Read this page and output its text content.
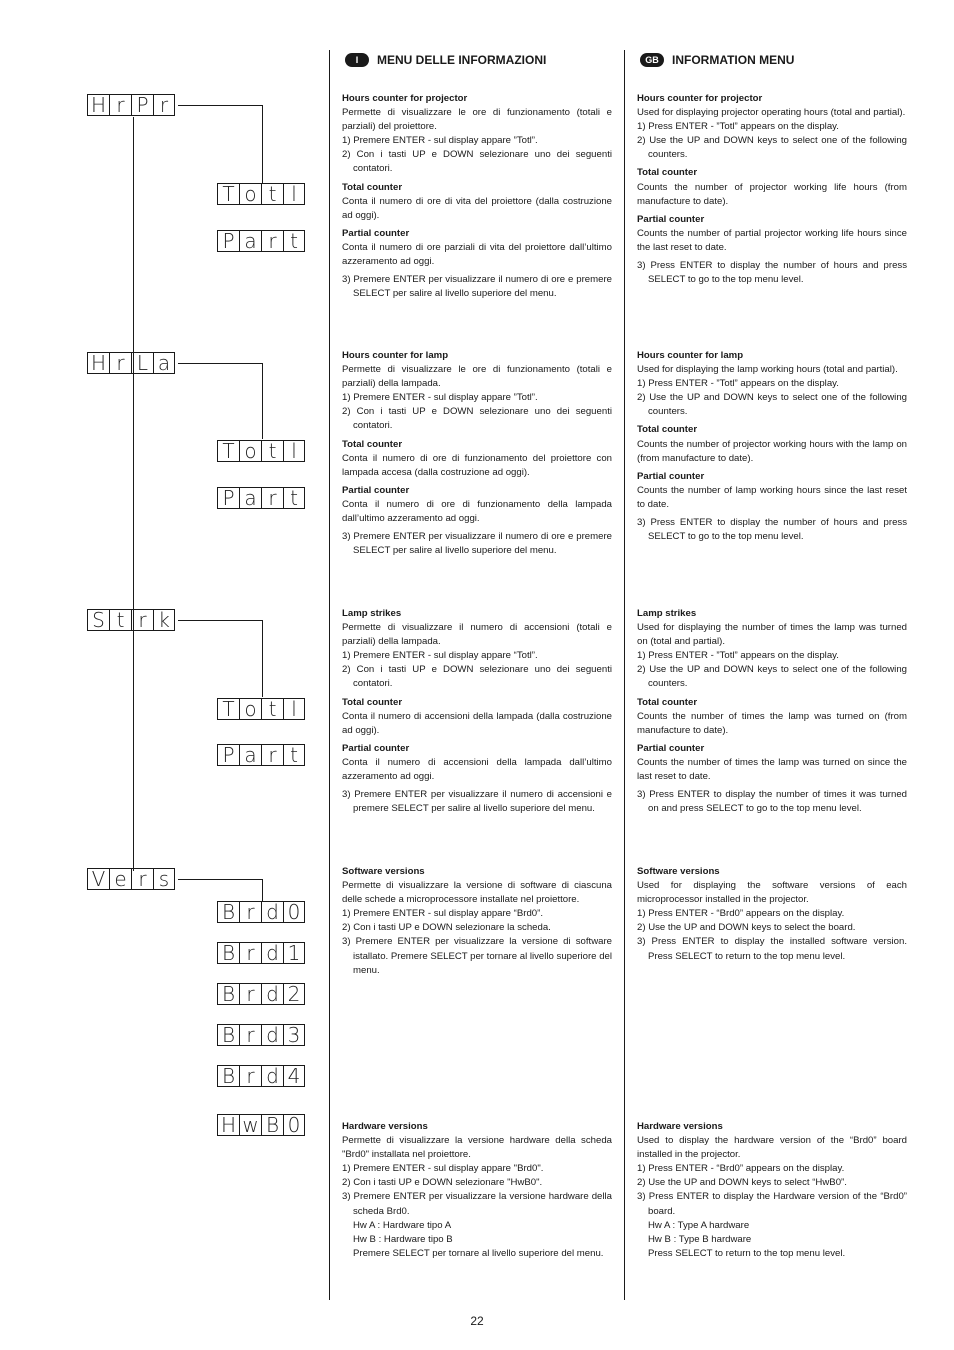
H r P r
T o t l
P a r t
H r L a
T o t l
P a r t
S t r k
T o t l
P a r t
V e r s
B r d 0
B r d 1
B r d 2
B r d 3
B r d 4
H w B 0
I	MENU DELLE INFORMAZIONI
Hours counter for projector

Permette di visualizzare le ore di funzionamento (totali e parziali) del proiettore.

1) Premere ENTER - sul display appare ”Totl”.

2) Con i tasti UP e DOWN selezionare uno dei seguenti contatori.

Total counter

Conta il numero di ore di vita del proiettore (dalla costruzione ad oggi).

Partial counter

Conta il numero di ore parziali di vita del proiettore dall’ultimo azzeramento ad oggi.

3) Premere ENTER per visualizzare il numero di ore e premere SELECT per salire al livello superiore del menu.

Hours counter for lamp

Permette di visualizzare le ore di funzionamento (totali e parziali) della lampada.

1) Premere ENTER - sul display appare ”Totl”.

2) Con i tasti UP e DOWN selezionare uno dei seguenti contatori.

Total counter

Conta il numero di ore di funzionamento del proiettore con lampada accesa (dalla costruzione ad oggi).

Partial counter

Conta il numero di ore di funzionamento della lampada dall’ultimo azzeramento ad oggi.

3) Premere ENTER per visualizzare il numero di ore e premere SELECT per salire al livello superiore del menu.

Lamp strikes

Permette di visualizzare il numero di accensioni (totali e parziali) della lampada.

1) Premere ENTER - sul display appare “Totl”.

2) Con i tasti UP e DOWN selezionare uno dei seguenti contatori.

Total counter

Conta il numero di accensioni della lampada (dalla costruzione ad oggi).

Partial counter

Conta il numero di accensioni della lampada dall’ultimo azzeramento ad oggi.

3) Premere ENTER per visualizzare il numero di accensioni e premere SELECT per salire al livello superiore del menu.

Software versions

Permette di visualizzare la versione di software di ciascuna delle schede a microprocessore installate nel proiettore.

1) Premere ENTER - sul display appare “Brd0”.

2) Con i tasti UP e DOWN selezionare la scheda.

3) Premere ENTER per visualizzare la versione di software istallato. Premere SELECT per tornare al livello superiore del menu.

Hardware versions

Permette di visualizzare la versione hardware della scheda "Brd0" installata nel proiettore.

1) Premere ENTER - sul display appare "Brd0".

2) Con i tasti UP e DOWN selezionare "HwB0".

3) Premere ENTER per visualizzare la versione hardware della scheda Brd0.

Hw A : Hardware tipo A

Hw B : Hardware tipo B

Premere SELECT per tornare al livello superiore del menu.

GB	INFORMATION MENU
Hours counter for projector

Used for displaying projector operating hours (total and partial).

1) Press ENTER - ”Totl” appears on the display.

2) Use the UP and DOWN keys to select one of the following counters.

Total counter

Counts the number of projector working life hours (from manufacture to date).

Partial counter

Counts the number of partial projector working life hours since the last reset to date.

3) Press ENTER to display the number of hours and press SELECT to go to the top menu level.

Hours counter for lamp

Used for displaying the lamp working hours (total and partial).

1) Press ENTER - ”Totl” appears on the display.

2) Use the UP and DOWN keys to select one of the following counters.

Total counter

Counts the number of projector working hours with the lamp on (from manufacture to date).

Partial counter

Counts the number of lamp working hours since the last reset to date.

3) Press ENTER to display the number of hours and press SELECT to go to the top menu level.

Lamp strikes

Used for displaying the number of times the lamp was turned on (total and partial).

1) Press ENTER - ”Totl” appears on the display.

2) Use the UP and DOWN keys to select one of the following counters.

Total counter

Counts the number of times the lamp was turned on (from manufacture to date).

Partial counter

Counts the number of times the lamp was turned on since the last reset to date.

3) Press ENTER to display the number of times it was turned on and press SELECT to go to the top menu level.

Software versions

Used for displaying the software versions of each microprocessor installed in the projector.

1) Press ENTER - “Brd0” appears on the display.

2) Use the UP and DOWN keys to select the board.

3) Press ENTER to display the installed software version. Press SELECT to return to the top menu level.

Hardware versions

Used to display the hardware version of the “Brd0” board installed in the projector.

1) Press ENTER - “Brd0” appears on the display.

2) Use the UP and DOWN keys to select “HwB0”.

3) Press ENTER to display the Hardware version of the “Brd0” board.

Hw A : Type A hardware

Hw B : Type B hardware

Press SELECT to return to the top menu level.

22
